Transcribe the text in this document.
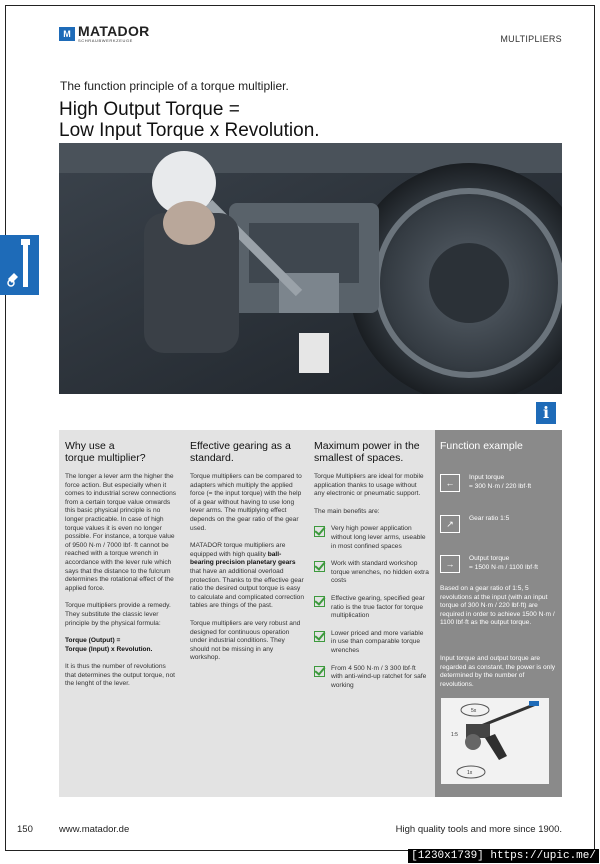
M MATADOR
SCHRAUBWERKZEUGE	MULTIPLIERS
The function principle of a torque multiplier.
High Output Torque =
Low Input Torque x Revolution.
i
Why use a
torque multiplier?

The longer a lever arm the higher the force action. But especially when it comes to industrial screw connections from a certain torque value onwards this basic physical principle is no longer practicable. In case of high torque values it is even no longer possible. For instance, a torque value of 9500 N·m / 7000 lbf· ft cannot be reached with a torque wrench in accordance with the lever rule which says that the distance to the fulcrum determines the rotational effect of the applied force.

Torque multipliers provide a remedy. They substitute the classic lever principle by the physical formula:

Torque (Output) =
Torque (Input) x Revolution.

It is thus the number of revolutions that determines the output torque, not the lenght of the lever.

Effective gearing as a
standard.

Torque multipliers can be compared to adapters which multiply the applied force (= the input torque) with the help of a gear without having to use long lever arms. The multiplying effect depends on the gear ratio of the gear used.

MATADOR torque multipliers are equipped with high quality ball-bearing precision planetary gears that have an additional overload protection. Thanks to the effective gear ratio the desired output torque is easy to calculate and complicated correction tables are things of the past.

Torque multipliers are very robust and designed for continuous operation under industrial conditions. They should not be missing in any workshop.

Maximum power in the
smallest of spaces.

Torque Multipliers are ideal for mobile application thanks to usage without any electronic or pneumatic support.

The main benefits are:

Very high power application without long lever arms, useable in most confined spaces
Work with standard workshop torque wrenches, no hidden extra costs
Effective gearing, specified gear ratio is the true factor for torque multiplication
Lower priced and more variable in use than comparable torque wrenches
From 4 500 N·m / 3 300 lbf·ft with anti-wind-up ratchet for safe working
Function example
←
Input torque
= 300 N·m / 220 lbf·ft
↗	Gear ratio 1:5
→
Output torque
= 1500 N·m / 1100 lbf·ft

Based on a gear ratio of 1:5, 5 revolutions at the input (with an input torque of 300 N·m / 220 lbf·ft) are required in order to achieve 1500 N·m / 1100 lbf·ft as the output torque.

Input torque and output torque are regarded as constant, the power is only determined by the number of revolutions.

5x
1:5
1x
150	www.matador.de	High quality tools and more since 1900.
[1230x1739] https://upic.me/
